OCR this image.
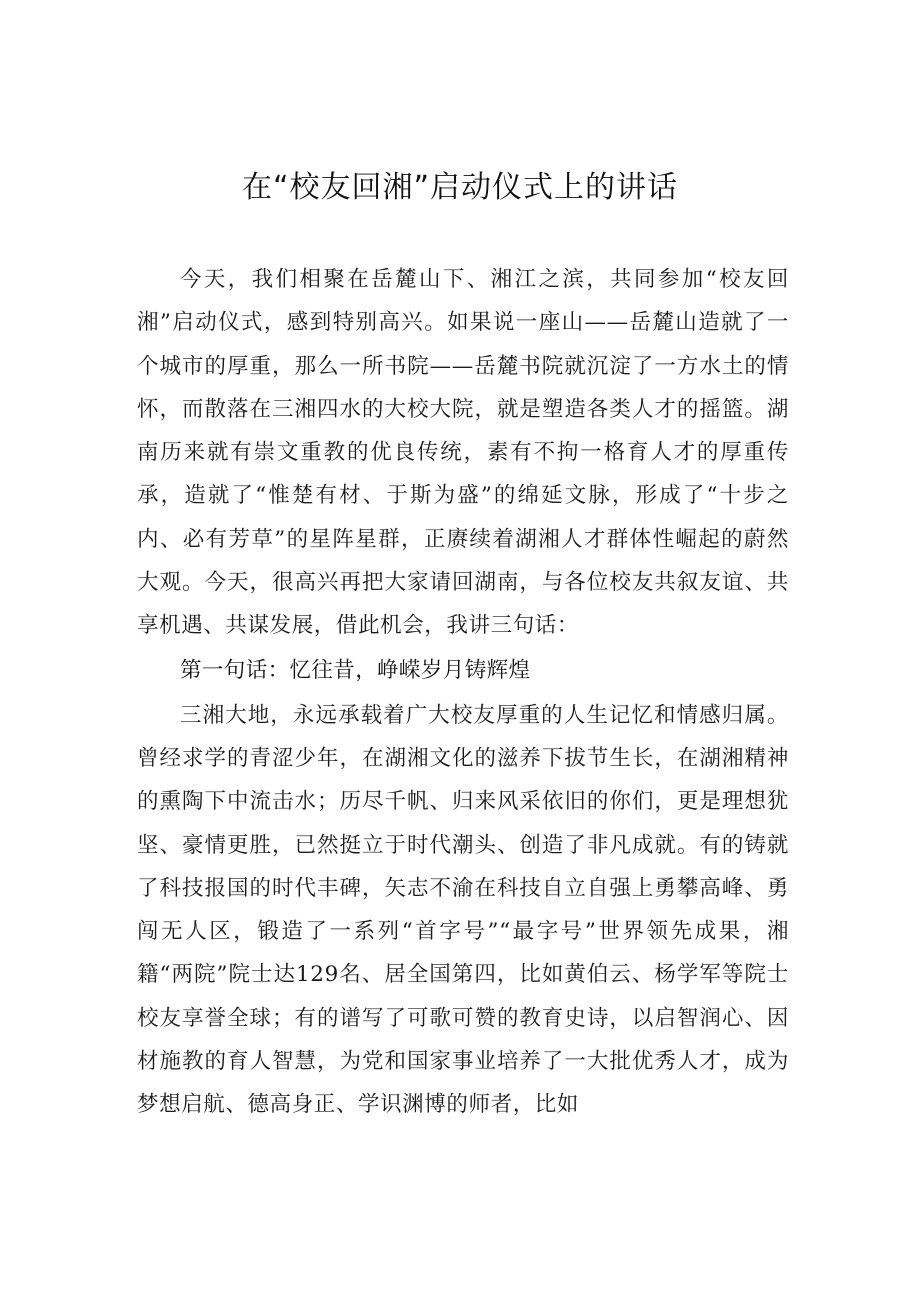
在“校友回湘”启动仪式上的讲话

今天，我们相聚在岳麓山下、湘江之滨，共同参加“校友回湘”启动仪式，感到特别高兴。如果说一座山——岳麓山造就了一个城市的厚重，那么一所书院——岳麓书院就沉淀了一方水土的情怀，而散落在三湘四水的大校大院，就是塑造各类人才的摇篮。湖南历来就有崇文重教的优良传统，素有不拘一格育人才的厚重传承，造就了“惟楚有材、于斯为盛”的绵延文脉，形成了“十步之内、必有芳草”的星阵星群，正赓续着湖湘人才群体性崛起的蔚然大观。今天，很高兴再把大家请回湖南，与各位校友共叙友谊、共享机遇、共谋发展，借此机会，我讲三句话：

第一句话：忆往昔，峥嵘岁月铸辉煌

三湘大地，永远承载着广大校友厚重的人生记忆和情感归属。曾经求学的青涩少年，在湖湘文化的滋养下拔节生长，在湖湘精神的熏陶下中流击水；历尽千帆、归来风采依旧的你们，更是理想犹坚、豪情更胜，已然挺立于时代潮头、创造了非凡成就。有的铸就了科技报国的时代丰碑，矢志不渝在科技自立自强上勇攀高峰、勇闯无人区，锻造了一系列“首字号”“最字号”世界领先成果，湘籍“两院”院士达129名、居全国第四，比如黄伯云、杨学军等院士校友享誉全球；有的谱写了可歌可赞的教育史诗，以启智润心、因材施教的育人智慧，为党和国家事业培养了一大批优秀人才，成为梦想启航、德高身正、学识渊博的师者，比如
